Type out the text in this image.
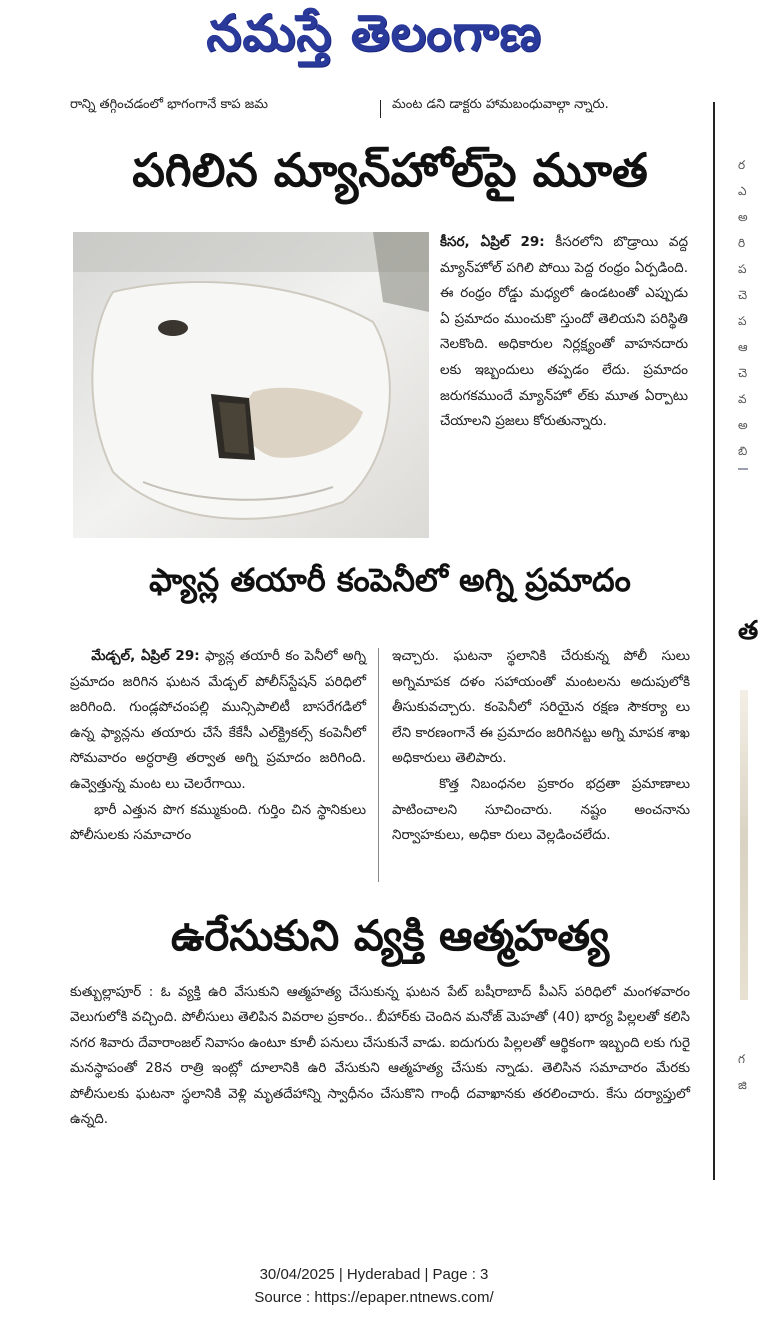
నమస్తే తెలంగాణ
రాన్ని తగ్గించడంలో భాగంగానే కాప జమ	మంట డని డాక్టరు హామబంధువాల్గా న్నారు.
పగిలిన మ్యాన్‌హోల్‌పై మూత

కీసర, ఏప్రిల్ 29: కీసరలోని బొడ్రాయి వద్ద మ్యాన్‌హోల్ పగిలి పోయి పెద్ద రంధ్రం ఏర్పడింది. ఈ రంధ్రం రోడ్డు మధ్యలో ఉండటంతో ఎప్పుడు ఏ ప్రమాదం ముంచుకొ స్తుందో తెలియని పరిస్థితి నెలకొంది. అధికారుల నిర్లక్ష్యంతో వాహనదారు లకు ఇబ్బందులు తప్పడం లేదు. ప్రమాదం జరుగకముందే మ్యాన్‌హో ల్‌కు మూత ఏర్పాటు చేయాలని ప్రజలు కోరుతున్నారు.

ఫ్యాన్ల తయారీ కంపెనీలో అగ్ని ప్రమాదం

మేడ్చల్, ఏప్రిల్ 29: ఫ్యాన్ల తయారీ కం పెనీలో అగ్ని ప్రమాదం జరిగిన ఘటన మేడ్చల్ పోలీస్‌స్టేషన్ పరిధిలో జరిగింది. గుండ్లపోచంపల్లి మున్సిపాలిటీ బాసరేగడిలో ఉన్న ఫ్యాన్లను తయారు చేసే కేకేసీ ఎల్‌క్ట్రికల్స్ కంపెనీలో సోమవారం అర్ధరాత్రి తర్వాత అగ్ని ప్రమాదం జరిగింది. ఉవ్వెత్తున్న మంట లు చెలరేగాయి.

భారీ ఎత్తున పొగ కమ్ముకుంది. గుర్తిం చిన స్థానికులు పోలీసులకు సమాచారం

ఇచ్చారు. ఘటనా స్థలానికి చేరుకున్న పోలీ సులు అగ్నిమాపక దళం సహాయంతో మంటలను అదుపులోకి తీసుకువచ్చారు. కంపెనీలో సరియైన రక్షణ సౌకర్యా లు లేని కారణంగానే ఈ ప్రమాదం జరిగినట్టు అగ్ని మాపక శాఖ అధికారులు తెలిపారు.

కొత్త నిబంధనల ప్రకారం భద్రతా ప్రమాణాలు పాటించాలని సూచించారు. నష్టం అంచనాను నిర్వాహకులు, అధికా రులు వెల్లడించలేదు.

ఉరేసుకుని వ్యక్తి ఆత్మహత్య
కుత్బుల్లాపూర్ : ఓ వ్యక్తి ఉరి వేసుకుని ఆత్మహత్య చేసుకున్న ఘటన పేట్ బషీరాబాద్ పీఎస్ పరిధిలో మంగళవారం వెలుగులోకి వచ్చింది. పోలీసులు తెలిపిన వివరాల ప్రకారం.. బీహార్‌కు చెందిన మనోజ్ మెహతో (40) భార్య పిల్లలతో కలిసి నగర శివారు దేవారాంజల్ నివాసం ఉంటూ కూలీ పనులు చేసుకునే వాడు. ఐదుగురు పిల్లలతో ఆర్థికంగా ఇబ్బంది లకు గురై మనస్థాపంతో 28న రాత్రి ఇంట్లో దూలానికి ఉరి వేసుకుని ఆత్మహత్య చేసుకు న్నాడు. తెలిసిన సమాచారం మేరకు పోలీసులకు ఘటనా స్థలానికి వెళ్లి మృతదేహాన్ని స్వాధీనం చేసుకొని గాంధీ దవాఖానకు తరలించారు. కేసు దర్యాప్తులో ఉన్నది.
ర
ఎ
అ
రి
ప
చె
ప
ఆ
చె
వ
అ
బి
త
గ
జి
30/04/2025 | Hyderabad | Page : 3
Source : https://epaper.ntnews.com/
